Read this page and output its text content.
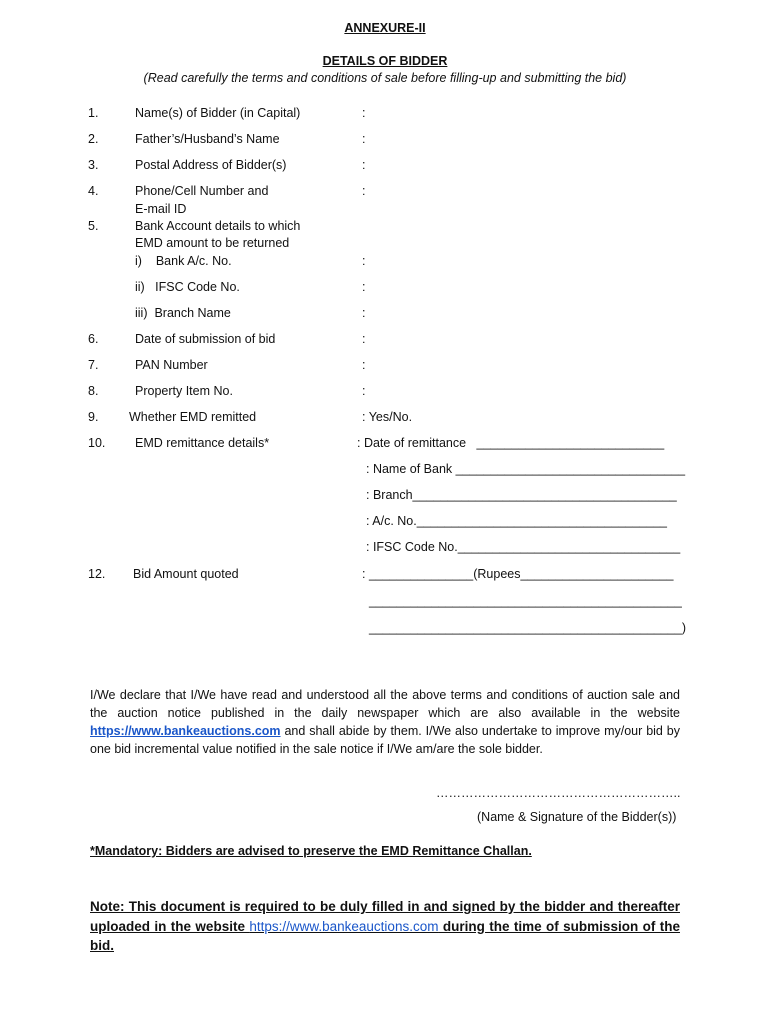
ANNEXURE-II
DETAILS OF BIDDER
(Read carefully the terms and conditions of sale before filling-up and submitting the bid)
1.	Name(s) of Bidder (in Capital)	:
2.	Father’s/Husband’s Name	:
3.	Postal Address of Bidder(s)	:
4.	Phone/Cell Number and
E-mail ID
:
5.	Bank Account details to which
EMD amount to be returned
i)    Bank A/c. No.	:
ii)   IFSC Code No.	:
iii)  Branch Name	:
6.	Date of submission of bid	:
7.	PAN Number	:
8.	Property Item No.	:
9. Whether EMD remitted	: Yes/No.
10. EMD remittance details*	: Date of remittance   ___________________________
: Name of Bank _________________________________
: Branch______________________________________
: A/c. No.____________________________________
: IFSC Code No.________________________________
12. Bid Amount quoted	: _______________(Rupees______________________
_____________________________________________
_____________________________________________)
I/We declare that I/We have read and understood all the above terms and conditions of auction sale and the auction notice published in the daily newspaper which are also available in the website https://www.bankeauctions.com and shall abide by them. I/We also undertake to improve my/our bid by one bid incremental value notified in the sale notice if I/We am/are the sole bidder.
…………………………………………………..
(Name & Signature of the Bidder(s))
*Mandatory: Bidders are advised to preserve the EMD Remittance Challan.
Note: This document is required to be duly filled in and signed by the bidder and thereafter uploaded in the website https://www.bankeauctions.com during the time of submission of the bid.
